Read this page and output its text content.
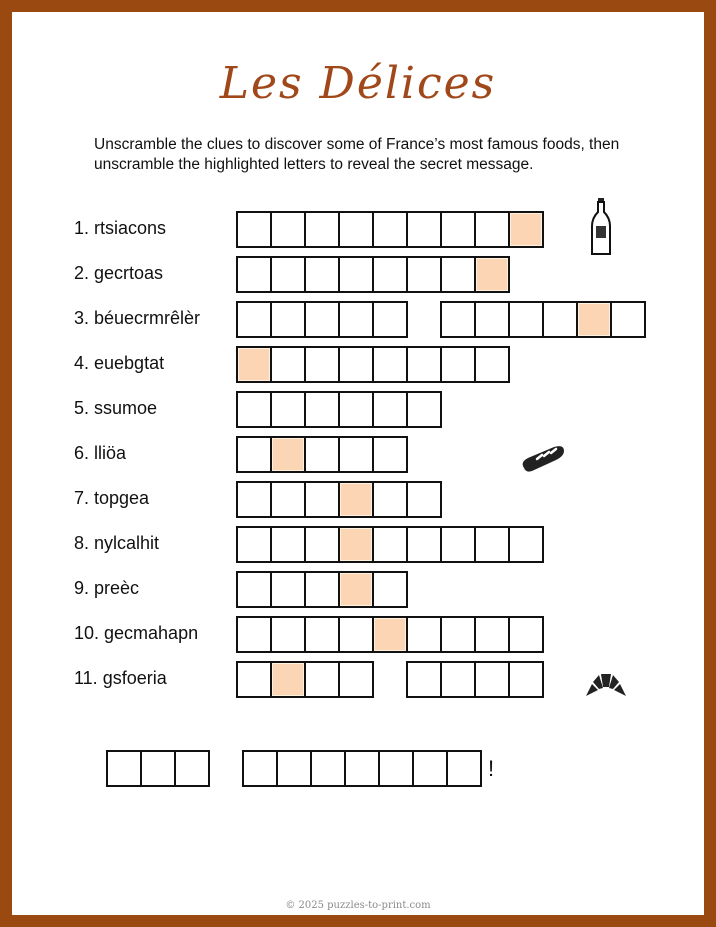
Les Délices
Unscramble the clues to discover some of France’s most famous foods, then unscramble the highlighted letters to reveal the secret message.
1. rtsiacons
2. gecrtoas
3. béuecrmrêlèr
4. euebgtat
5. ssumoe
6. lliöa
7. topgea
8. nylcalhit
9. preèc
10. gecmahapn
11. gsfoeria
!
© 2025 puzzles-to-print.com
